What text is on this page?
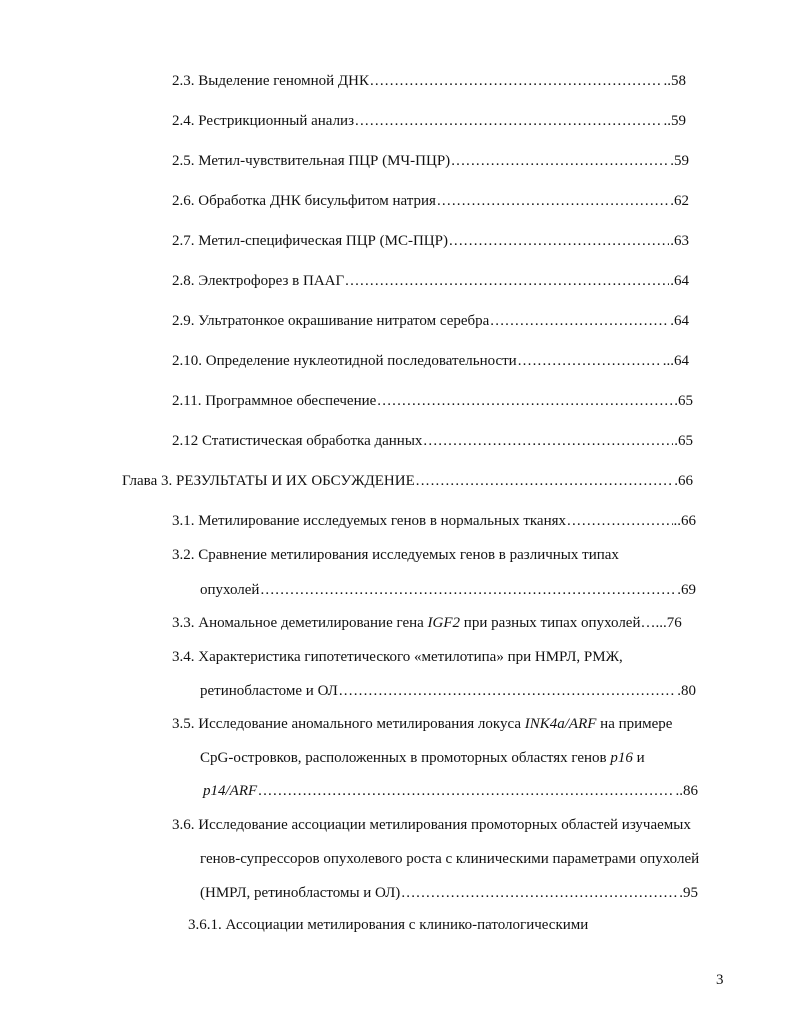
2.3. Выделение геномной ДНК .....	..58
2.4. Рестрикционный анализ .....	..59
2.5. Метил-чувствительная ПЦР (МЧ-ПЦР) .....	.59
2.6. Обработка ДНК бисульфитом натрия .....	.62
2.7. Метил-специфическая ПЦР (МС-ПЦР) .....	.63
2.8. Электрофорез в ПААГ .....	.64
2.9. Ультратонкое окрашивание нитратом серебра .....	.64
2.10. Определение нуклеотидной последовательности .....	...64
2.11. Программное обеспечение .....	.65
2.12 Статистическая обработка данных .....	.65
Глава 3. РЕЗУЛЬТАТЫ И ИХ ОБСУЖДЕНИЕ .....	.66
3.1. Метилирование исследуемых генов в нормальных тканях .....	..66
3.2. Сравнение метилирования исследуемых генов в различных типах
опухолей .....	.69
3.3. Аномальное деметилирование гена IGF2 при разных типах опухолей…...76
3.4. Характеристика гипотетического «метилотипа» при НМРЛ, РМЖ,
ретинобластоме и ОЛ .....	.80
3.5. Исследование аномального метилирования локуса INK4a/ARF на примере
CpG-островков, расположенных в промоторных областях генов p16 и
p14/ARF .....	..86
3.6. Исследование ассоциации метилирования промоторных областей изучаемых
генов-супрессоров опухолевого роста с клиническими параметрами опухолей
(НМРЛ, ретинобластомы и ОЛ) .....	.95
3.6.1. Ассоциации метилирования с клинико-патологическими
3
